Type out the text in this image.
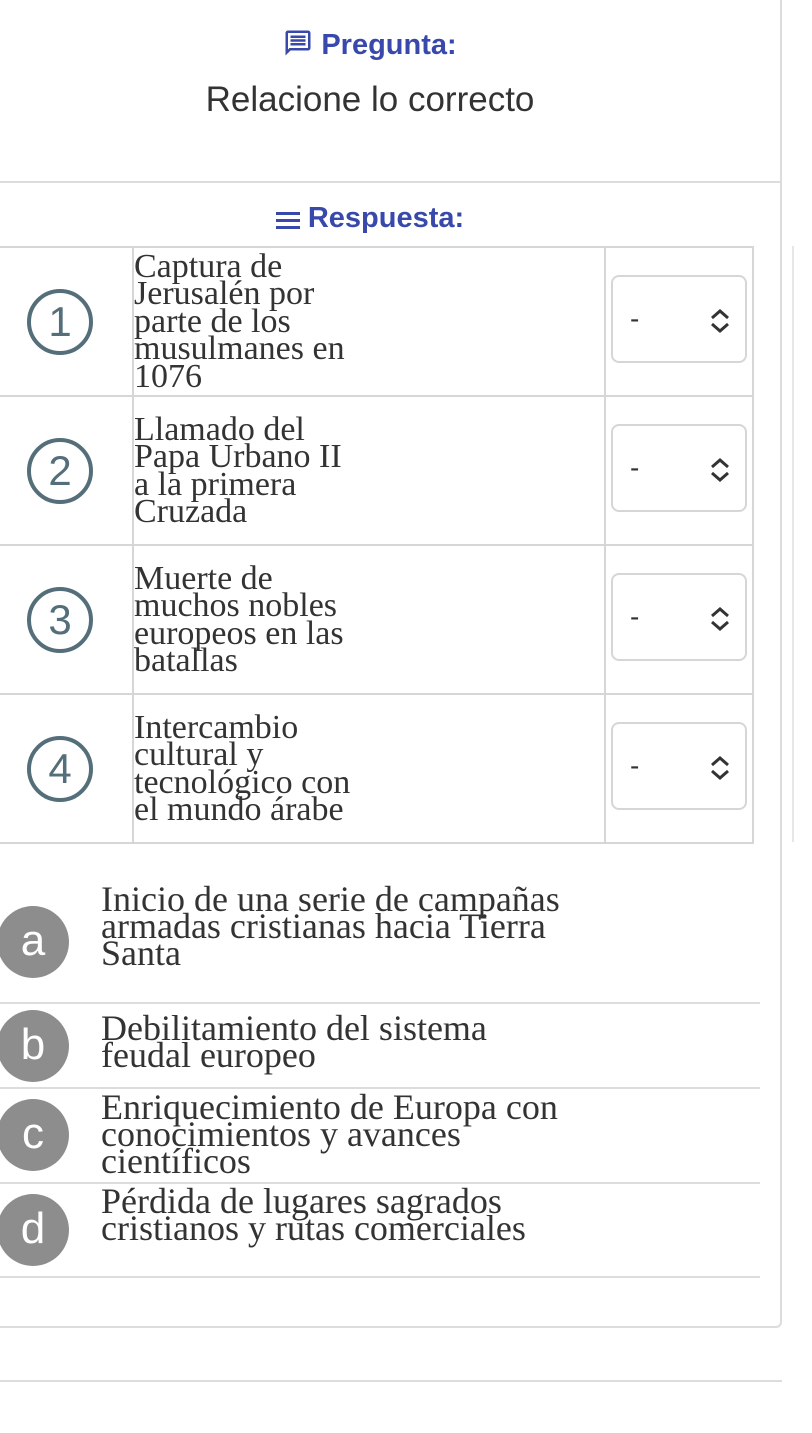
Pregunta:
Relacione lo correcto
Respuesta:
1	Captura de Jerusalén por parte de los musulmanes en 1076	-

2	Llamado del Papa Urbano II a la primera Cruzada	-

3	Muerte de muchos nobles europeos en las batallas	-

4	Intercambio cultural y tecnológico con el mundo árabe	-
a
Inicio de una serie de campañas armadas cristianas hacia Tierra Santa
b	Debilitamiento del sistema feudal europeo
c
Enriquecimiento de Europa con conocimientos y avances científicos
d
Pérdida de lugares sagrados cristianos y rutas comerciales
